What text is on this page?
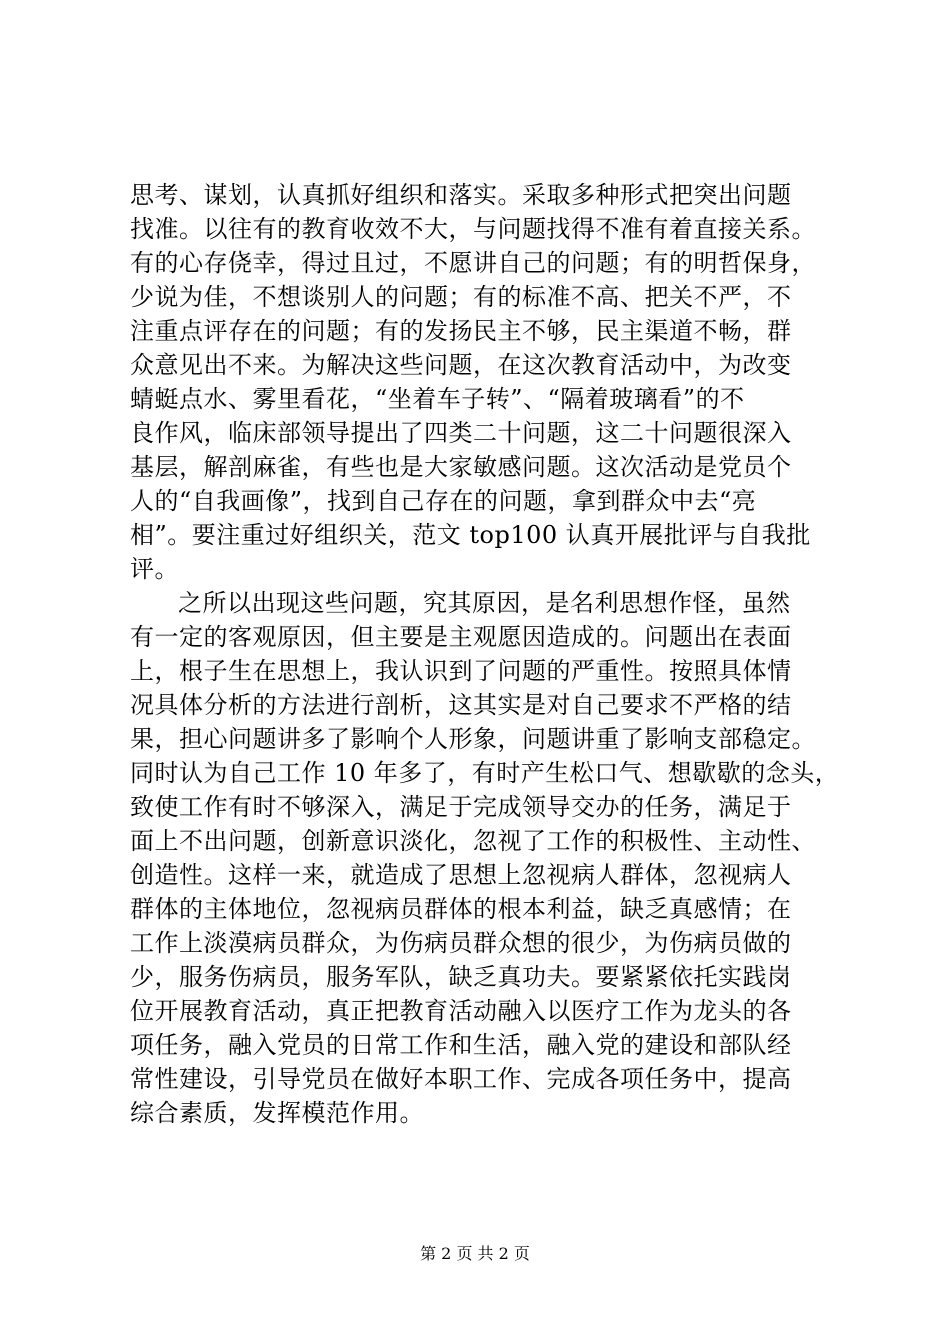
思考、谋划，认真抓好组织和落实。采取多种形式把突出问题
找准。以往有的教育收效不大，与问题找得不准有着直接关系。
有的心存侥幸，得过且过，不愿讲自己的问题；有的明哲保身，
少说为佳，不想谈别人的问题；有的标准不高、把关不严，不
注重点评存在的问题；有的发扬民主不够，民主渠道不畅，群
众意见出不来。为解决这些问题，在这次教育活动中，为改变
蜻蜓点水、雾里看花，“坐着车子转”、“隔着玻璃看”的不
良作风，临床部领导提出了四类二十问题，这二十问题很深入
基层，解剖麻雀，有些也是大家敏感问题。这次活动是党员个
人的“自我画像”，找到自己存在的问题，拿到群众中去“亮
相”。要注重过好组织关，范文 top100 认真开展批评与自我批
评。
之所以出现这些问题，究其原因，是名利思想作怪，虽然
有一定的客观原因，但主要是主观愿因造成的。问题出在表面
上，根子生在思想上，我认识到了问题的严重性。按照具体情
况具体分析的方法进行剖析，这其实是对自己要求不严格的结
果，担心问题讲多了影响个人形象，问题讲重了影响支部稳定。
同时认为自己工作 10 年多了，有时产生松口气、想歇歇的念头，
致使工作有时不够深入，满足于完成领导交办的任务，满足于
面上不出问题，创新意识淡化，忽视了工作的积极性、主动性、
创造性。这样一来，就造成了思想上忽视病人群体，忽视病人
群体的主体地位，忽视病员群体的根本利益，缺乏真感情；在
工作上淡漠病员群众，为伤病员群众想的很少，为伤病员做的
少，服务伤病员，服务军队，缺乏真功夫。要紧紧依托实践岗
位开展教育活动，真正把教育活动融入以医疗工作为龙头的各
项任务，融入党员的日常工作和生活，融入党的建设和部队经
常性建设，引导党员在做好本职工作、完成各项任务中，提高
综合素质，发挥模范作用。
第 2 页 共 2 页
